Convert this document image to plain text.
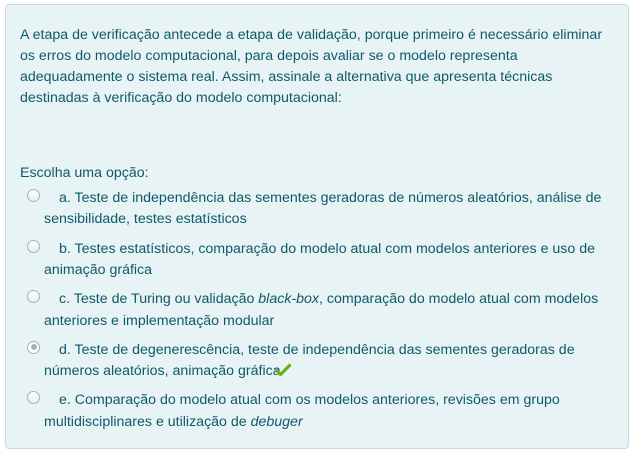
A etapa de verificação antecede a etapa de validação, porque primeiro é necessário eliminar os erros do modelo computacional, para depois avaliar se o modelo representa adequadamente o sistema real. Assim, assinale a alternativa que apresenta técnicas destinadas à verificação do modelo computacional:

Escolha uma opção:

a. Teste de independência das sementes geradoras de números aleatórios, análise de sensibilidade, testes estatísticos
b. Testes estatísticos, comparação do modelo atual com modelos anteriores e uso de animação gráfica
c. Teste de Turing ou validação black-box, comparação do modelo atual com modelos anteriores e implementação modular
d. Teste de degenerescência, teste de independência das sementes geradoras de números aleatórios, animação gráfica
e. Comparação do modelo atual com os modelos anteriores, revisões em grupo multidisciplinares e utilização de debuger
